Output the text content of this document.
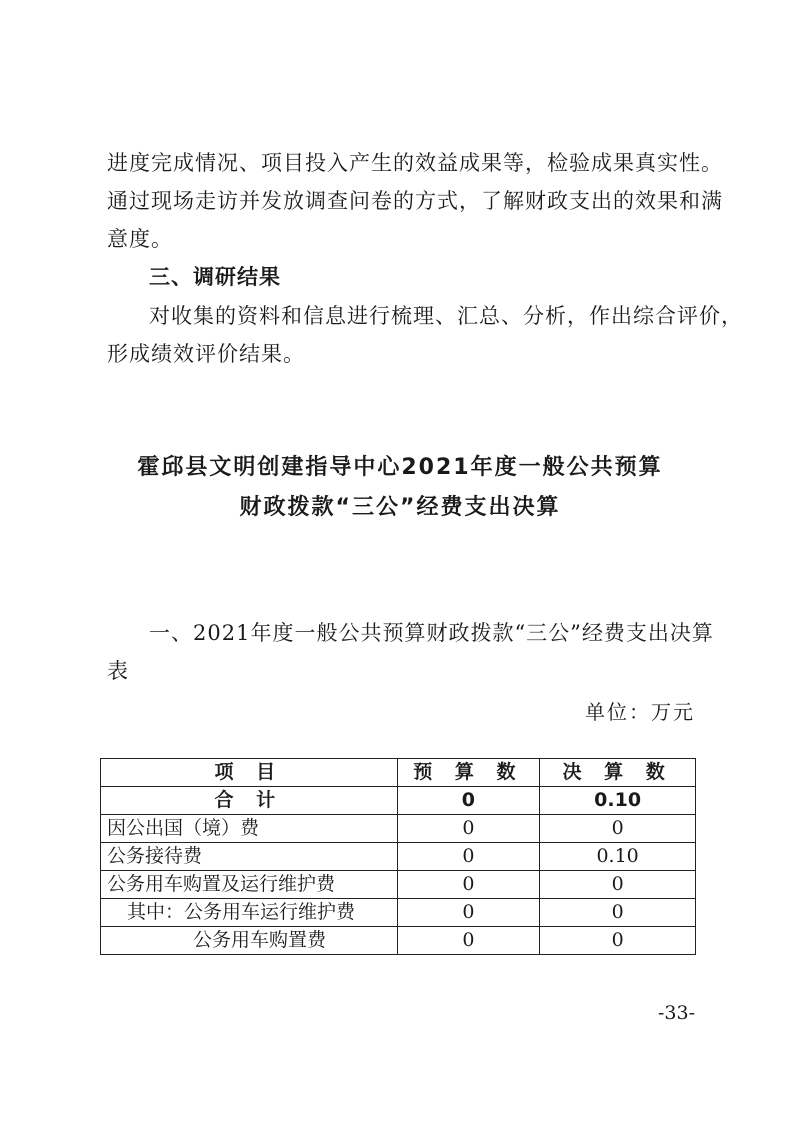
进度完成情况、项目投入产生的效益成果等，检验成果真实性。
通过现场走访并发放调查问卷的方式，了解财政支出的效果和满
意度。
三、调研结果
对收集的资料和信息进行梳理、汇总、分析，作出综合评价，
形成绩效评价结果。
霍邱县文明创建指导中心2021年度一般公共预算
财政拨款“三公”经费支出决算
一、2021年度一般公共预算财政拨款“三公”经费支出决算
表
单位：万元
项 目	预 算 数	决 算 数
合 计	0	0.10
因公出国（境）费	0	0
公务接待费	0	0.10
公务用车购置及运行维护费	0	0
其中：公务用车运行维护费	0	0
公务用车购置费	0	0
-33-
